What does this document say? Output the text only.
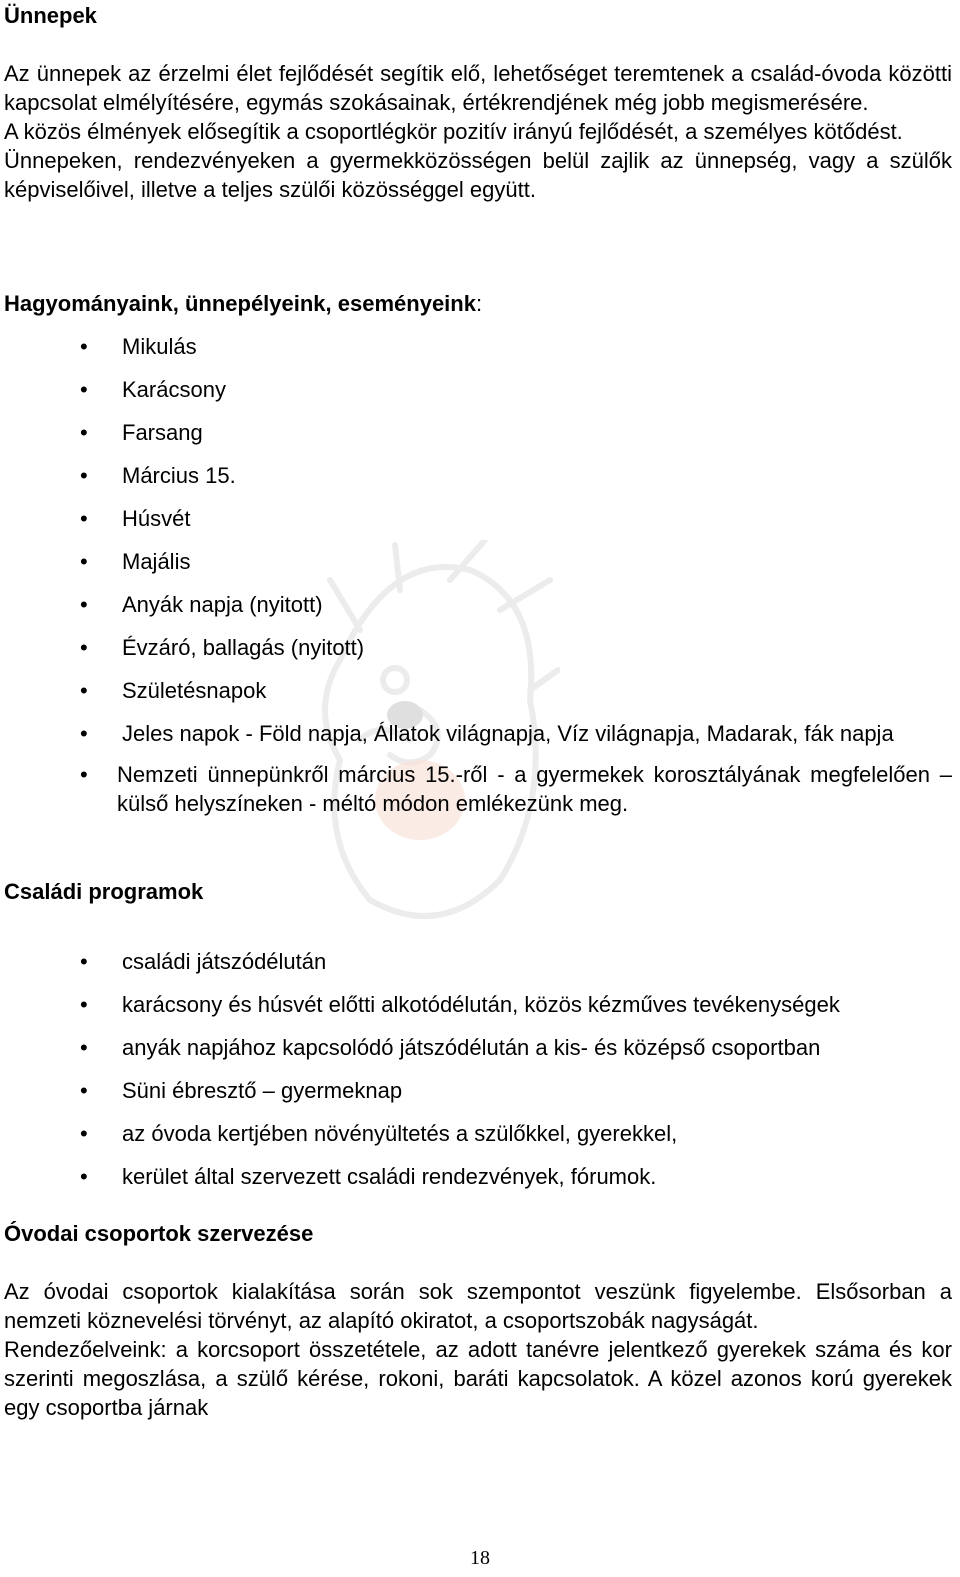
Ünnepek

Az ünnepek az érzelmi élet fejlődését segítik elő, lehetőséget teremtenek a család-óvoda közötti kapcsolat elmélyítésére, egymás szokásainak, értékrendjének még jobb megismerésére.

A közös élmények elősegítik a csoportlégkör pozitív irányú fejlődését, a személyes kötődést.

Ünnepeken, rendezvényeken a gyermekközösségen belül zajlik az ünnepség, vagy a szülők képviselőivel, illetve a teljes szülői közösséggel együtt.

Hagyományaink, ünnepélyeink, eseményeink:
• Mikulás
• Karácsony
• Farsang
• Március 15.
• Húsvét
• Majális
• Anyák napja (nyitott)
• Évzáró, ballagás (nyitott)
• Születésnapok
• Jeles napok - Föld napja, Állatok világnapja, Víz világnapja, Madarak, fák napja
• Nemzeti ünnepünkről március 15.-ről - a gyermekek korosztályának megfelelően – külső helyszíneken - méltó módon emlékezünk meg.
Családi programok
• családi játszódélután
• karácsony és húsvét előtti alkotódélután, közös kézműves tevékenységek
• anyák napjához kapcsolódó játszódélután a kis- és középső csoportban
• Süni ébresztő – gyermeknap
• az óvoda kertjében növényültetés a szülőkkel, gyerekkel,
• kerület által szervezett családi rendezvények, fórumok.
Óvodai csoportok szervezése

Az óvodai csoportok kialakítása során sok szempontot veszünk figyelembe. Elsősorban a nemzeti köznevelési törvényt, az alapító okiratot, a csoportszobák nagyságát.

Rendezőelveink: a korcsoport összetétele, az adott tanévre jelentkező gyerekek száma és kor szerinti megoszlása, a szülő kérése, rokoni, baráti kapcsolatok. A közel azonos korú gyerekek egy csoportba járnak

18
